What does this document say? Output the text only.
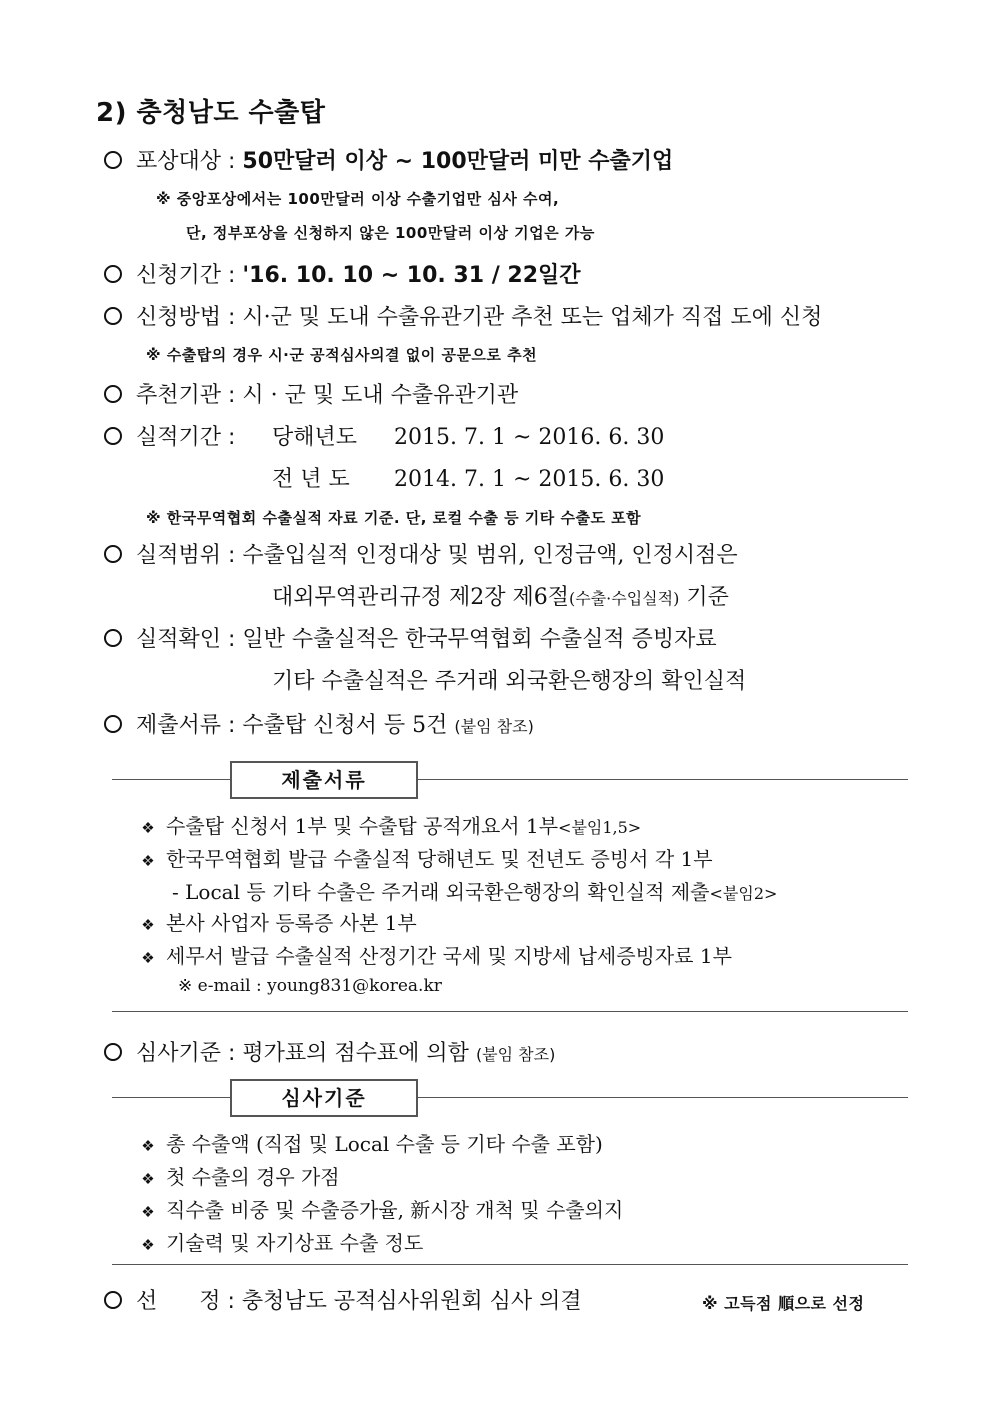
2) 충청남도 수출탑
포상대상 : 50만달러 이상 ~ 100만달러 미만 수출기업
※ 중앙포상에서는 100만달러 이상 수출기업만 심사 수여,
단, 정부포상을 신청하지 않은 100만달러 이상 기업은 가능
신청기간 : '16. 10. 10 ~ 10. 31 / 22일간
신청방법 : 시·군 및 도내 수출유관기관 추천 또는 업체가 직접 도에 신청
※ 수출탑의 경우 시·군 공적심사의결 없이 공문으로 추천
추천기관 : 시 · 군 및 도내 수출유관기관
실적기간 : 당해년도 2015. 7. 1 ~ 2016. 6. 30
전 년 도 2014. 7. 1 ~ 2015. 6. 30
※ 한국무역협회 수출실적 자료 기준. 단, 로컬 수출 등 기타 수출도 포함
실적범위 : 수출입실적 인정대상 및 범위, 인정금액, 인정시점은
대외무역관리규정 제2장 제6절(수출·수입실적) 기준
실적확인 : 일반 수출실적은 한국무역협회 수출실적 증빙자료
기타 수출실적은 주거래 외국환은행장의 확인실적
제출서류 : 수출탑 신청서 등 5건 (붙임 참조)
제출서류
❖ 수출탑 신청서 1부 및 수출탑 공적개요서 1부<붙임1,5>
❖ 한국무역협회 발급 수출실적 당해년도 및 전년도 증빙서 각 1부
- Local 등 기타 수출은 주거래 외국환은행장의 확인실적 제출<붙임2>
❖ 본사 사업자 등록증 사본 1부
❖ 세무서 발급 수출실적 산정기간 국세 및 지방세 납세증빙자료 1부
※ e-mail : young831@korea.kr
심사기준 : 평가표의 점수표에 의함 (붙임 참조)
심사기준
❖ 총 수출액 (직접 및 Local 수출 등 기타 수출 포함)
❖ 첫 수출의 경우 가점
❖ 직수출 비중 및 수출증가율, 新시장 개척 및 수출의지
❖ 기술력 및 자기상표 수출 정도
선      정 : 충청남도 공적심사위원회 심사 의결	※ 고득점 順으로 선정
